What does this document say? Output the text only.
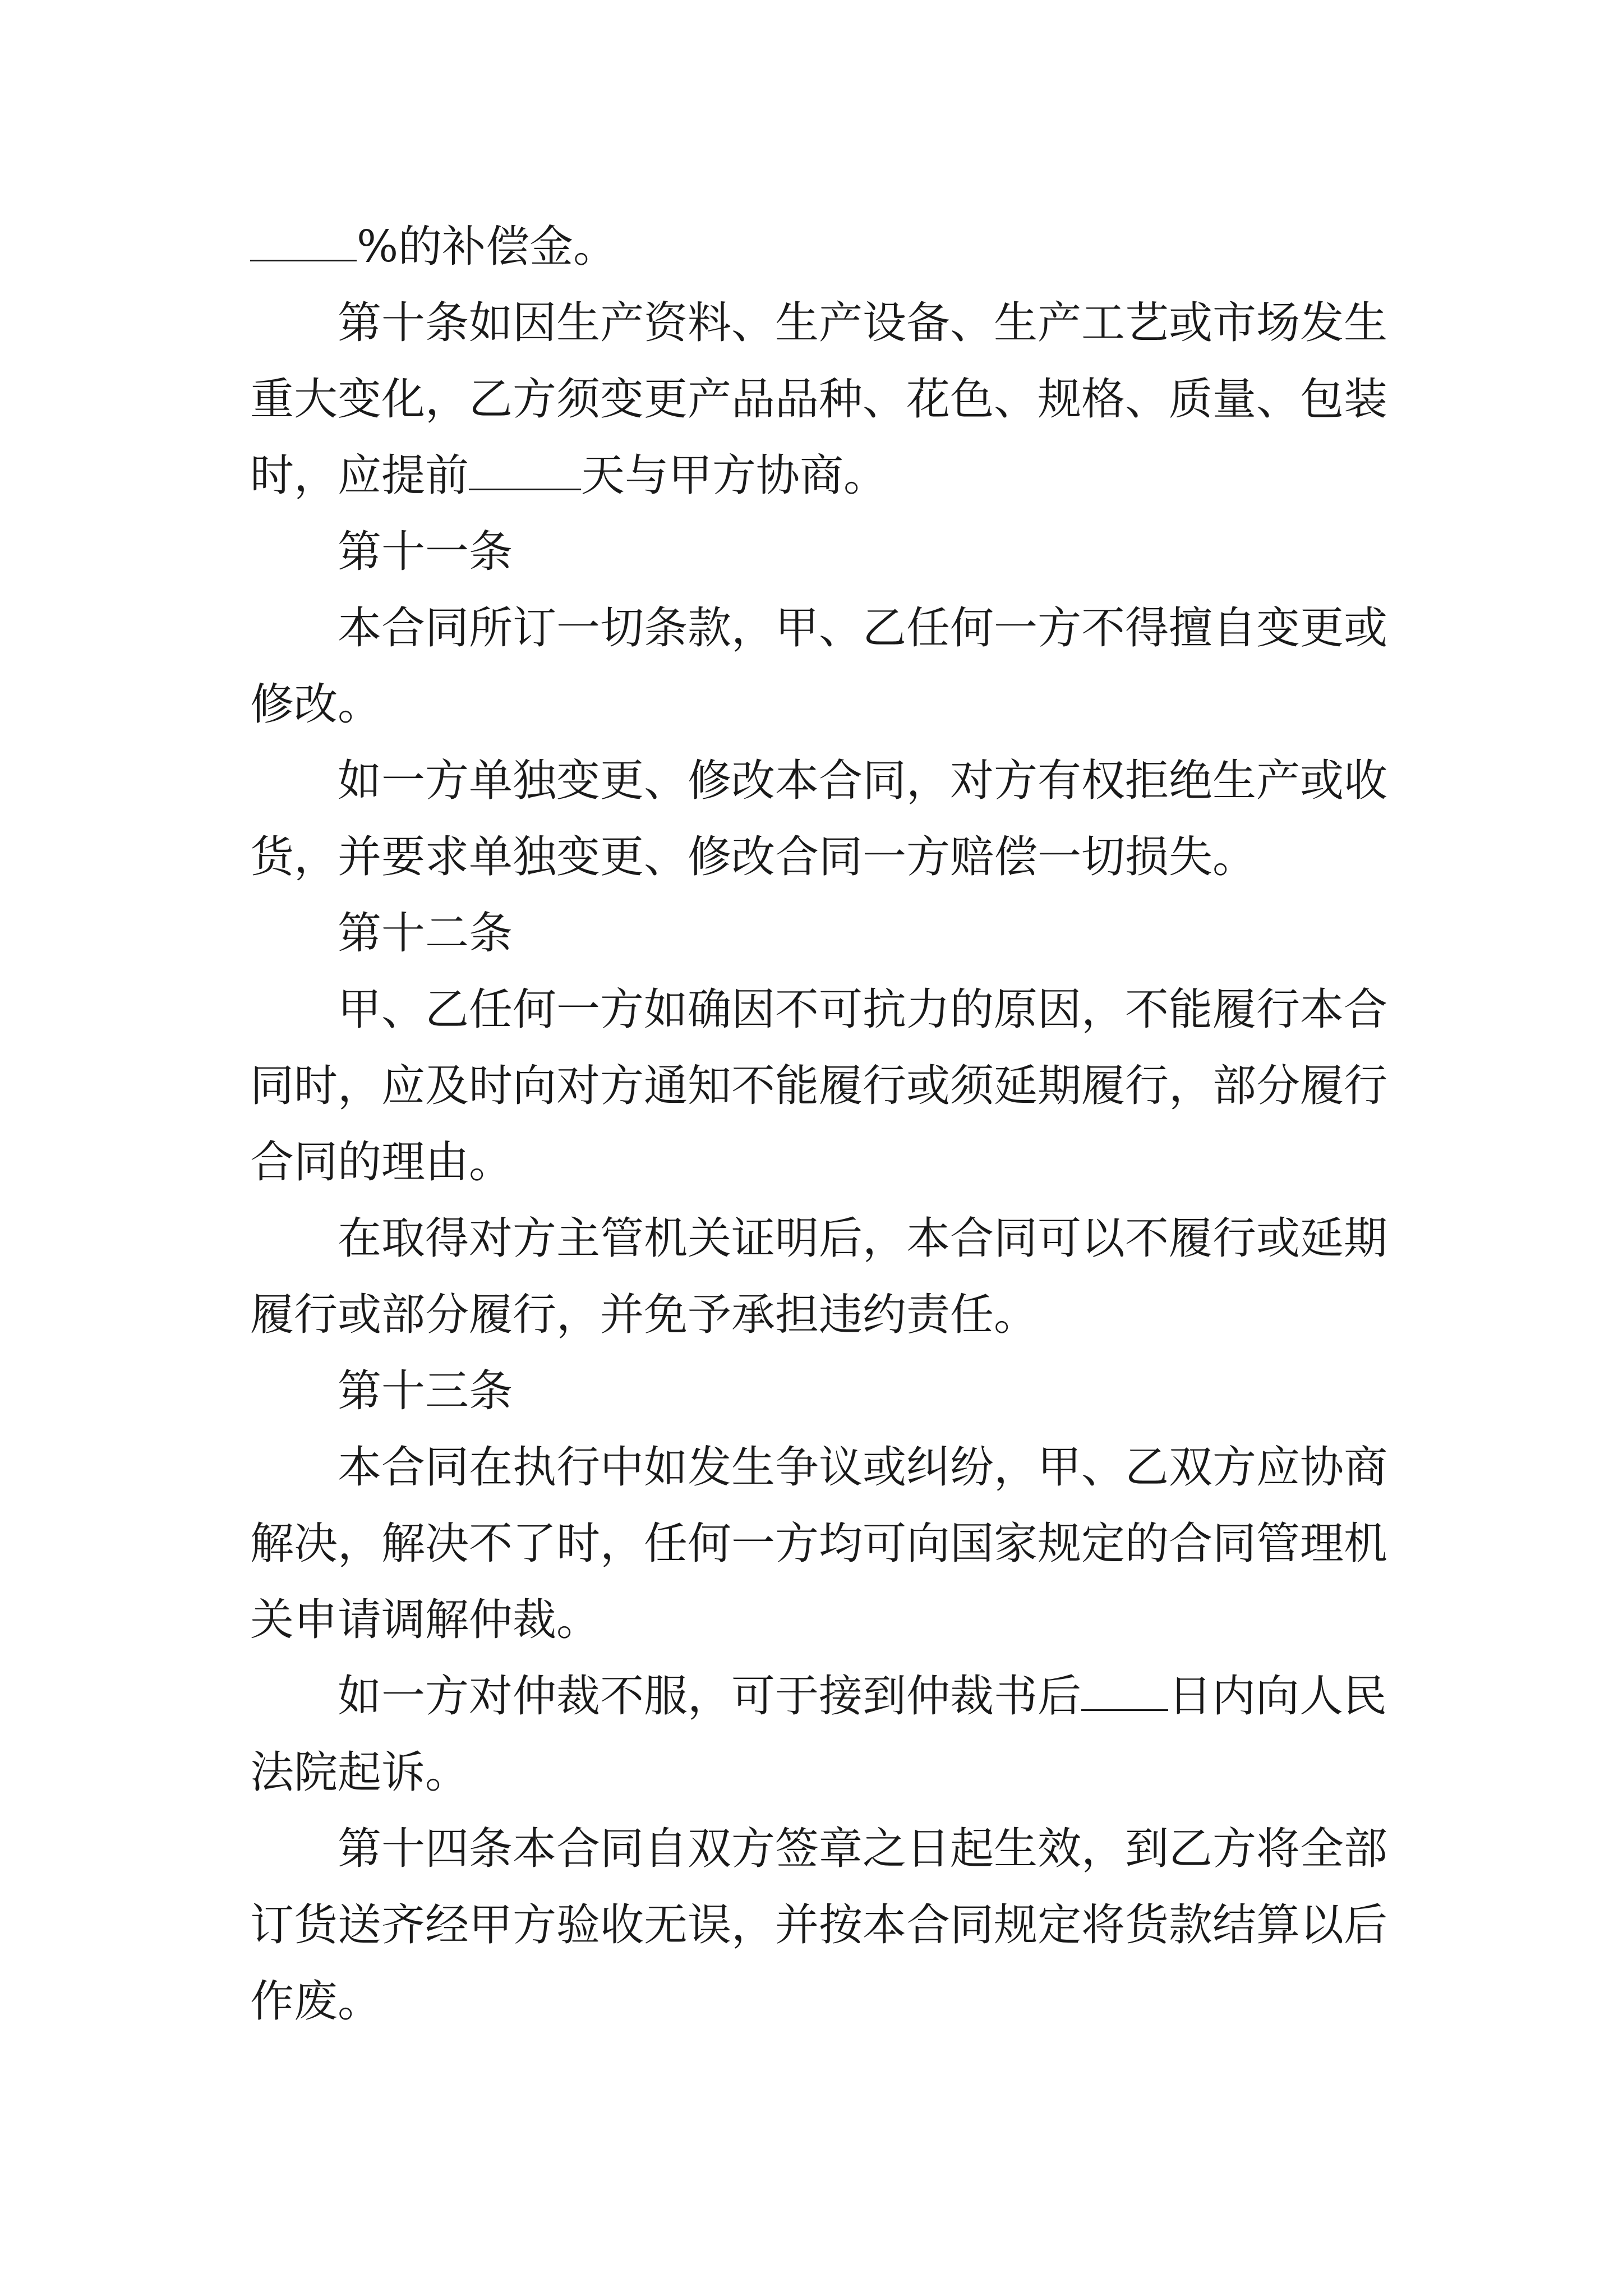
%的补偿金。
第十条如因生产资料、生产设备、生产工艺或市场发生
重大变化，乙方须变更产品品种、花色、规格、质量、包装
时，应提前	天与甲方协商。
第十一条
本合同所订一切条款，甲、乙任何一方不得擅自变更或
修改。
如一方单独变更、修改本合同，对方有权拒绝生产或收
货，并要求单独变更、修改合同一方赔偿一切损失。
第十二条
甲、乙任何一方如确因不可抗力的原因，不能履行本合
同时，应及时向对方通知不能履行或须延期履行，部分履行
合同的理由。
在取得对方主管机关证明后，本合同可以不履行或延期
履行或部分履行，并免予承担违约责任。
第十三条
本合同在执行中如发生争议或纠纷，甲、乙双方应协商
解决，解决不了时，任何一方均可向国家规定的合同管理机
关申请调解仲裁。
如一方对仲裁不服，可于接到仲裁书后 日内向人民
法院起诉。
第十四条本合同自双方签章之日起生效，到乙方将全部
订货送齐经甲方验收无误，并按本合同规定将货款结算以后
作废。
